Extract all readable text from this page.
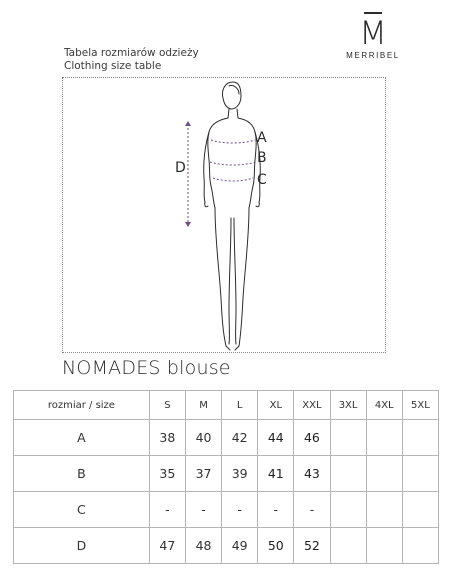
Tabela rozmiarów odzieży
Clothing size table
M
MERRIBEL
A
B
C
D
NOMADES blouse
rozmiar / size	S	M	L	XL	XXL	3XL	4XL	5XL
A	38	40	42	44	46			
B	35	37	39	41	43			
C	-	-	-	-	-			
D	47	48	49	50	52			
